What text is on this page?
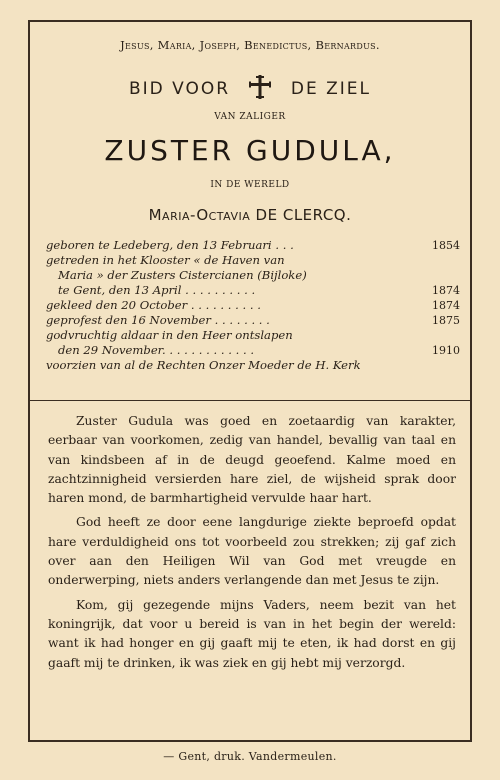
Jesus, Maria, Joseph, Benedictus, Bernardus.
BID VOOR	DE ZIEL
VAN ZALIGER
ZUSTER GUDULA,
IN DE WERELD
Maria-Octavia DE CLERCQ.
geboren te Ledeberg, den 13 Februari . . .	1854
getreden in het Klooster « de Haven van
Maria » der Zusters Cistercianen (Bijloke)
te Gent, den 13 April . . . . . . . . . .	1874
gekleed den 20 October . . . . . . . . . .	1874
geprofest den 16 November . . . . . . . .	1875
godvruchtig aldaar in den Heer ontslapen
den 29 November. . . . . . . . . . . . .	1910
voorzien van al de Rechten Onzer Moeder de H. Kerk

Zuster Gudula was goed en zoetaardig van karakter, eerbaar van voorkomen, zedig van handel, bevallig van taal en van kindsbeen af in de deugd geoefend. Kalme moed en zachtzinnigheid versierden hare ziel, de wijsheid sprak door haren mond, de barmhartigheid vervulde haar hart.

God heeft ze door eene langdurige ziekte beproefd opdat hare verduldigheid ons tot voorbeeld zou strekken; zij gaf zich over aan den Heiligen Wil van God met vreugde en onderwerping, niets anders verlangende dan met Jesus te zijn.

Kom, gij gezegende mijns Vaders, neem bezit van het koningrijk, dat voor u bereid is van in het begin der wereld: want ik had honger en gij gaaft mij te eten, ik had dorst en gij gaaft mij te drinken, ik was ziek en gij hebt mij verzorgd.

— Gent, druk. Vandermeulen.
